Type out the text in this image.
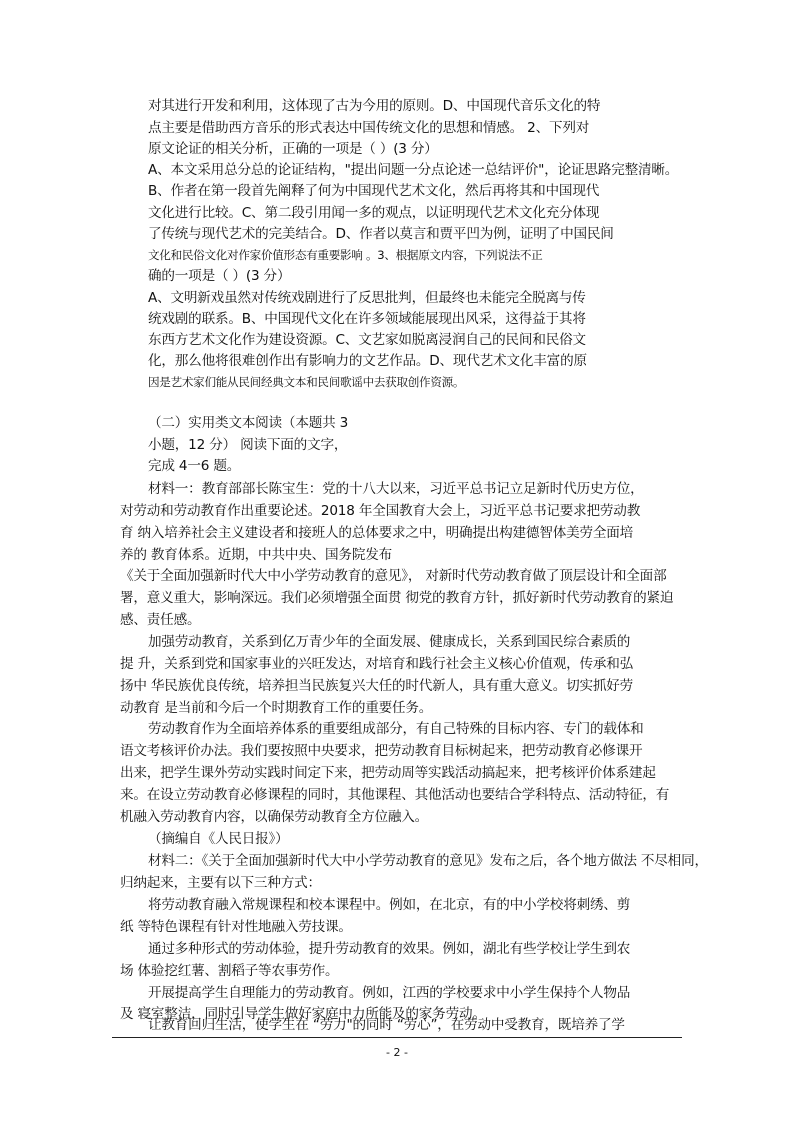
对其进行开发和利用，这体现了古为今用的原则。D、中国现代音乐文化的特
点主要是借助西方音乐的形式表达中国传统文化的思想和情感。 2、下列对
原文论证的相关分析，正确的一项是（ ）(3 分）
A、本文采用总分总的论证结构，"提出问题一分点论述一总结评价"，论证思路完整清晰。
B、作者在第一段首先阐释了何为中国现代艺术文化，然后再将其和中国现代
文化进行比较。C、第二段引用闻一多的观点，以证明现代艺术文化充分体现
了传统与现代艺术的完美结合。D、作者以莫言和贾平凹为例，证明了中国民间
文化和民俗文化对作家价值形态有重要影响 。3、根据原文内容，下列说法不正
确的一项是（ ）(3 分）
A、文明新戏虽然对传统戏剧进行了反思批判，但最终也未能完全脱离与传
统戏剧的联系。B、中国现代文化在许多领域能展现出风采，这得益于其将
东西方艺术文化作为建设资源。C、文艺家如脱离浸润自己的民间和民俗文
化，那么他将很难创作出有影响力的文艺作品。D、现代艺术文化丰富的原
因是艺术家们能从民间经典文本和民间歌谣中去获取创作资源。
（二）实用类文本阅读（本题共 3
小题，12 分） 阅读下面的文字，
完成 4一6 题。
材料一：教育部部长陈宝生：党的十八大以来，习近平总书记立足新时代历史方位，
对劳动和劳动教育作出重要论述。2018 年全国教育大会上，习近平总书记要求把劳动教
育 纳入培养社会主义建设者和接班人的总体要求之中，明确提出构建德智体美劳全面培
养的 教育体系。近期，中共中央、国务院发布
《关于全面加强新时代大中小学劳动教育的意见》， 对新时代劳动教育做了顶层设计和全面部
署，意义重大，影响深远。我们必须增强全面贯 彻党的教育方针，抓好新时代劳动教育的紧迫
感、责任感。
加强劳动教育，关系到亿万青少年的全面发展、健康成长，关系到国民综合素质的
提 升，关系到党和国家事业的兴旺发达，对培育和践行社会主义核心价值观，传承和弘
扬中 华民族优良传统，培养担当民族复兴大任的时代新人，具有重大意义。切实抓好劳
动教育 是当前和今后一个时期教育工作的重要任务。
劳动教育作为全面培养体系的重要组成部分，有自己特殊的目标内容、专门的载体和
语文考核评价办法。我们要按照中央要求，把劳动教育目标树起来，把劳动教育必修课开
出来，把学生课外劳动实践时间定下来，把劳动周等实践活动搞起来，把考核评价体系建起
来。在设立劳动教育必修课程的同时，其他课程、其他活动也要结合学科特点、活动特征，有
机融入劳动教育内容，以确保劳动教育全方位融入。
（摘编自《人民日报》）
材料二：《关于全面加强新时代大中小学劳动教育的意见》发布之后，各个地方做法 不尽相同，
归纳起来，主要有以下三种方式：
将劳动教育融入常规课程和校本课程中。例如，在北京，有的中小学校将刺绣、剪
纸 等特色课程有针对性地融入劳技课。
通过多种形式的劳动体验，提升劳动教育的效果。例如，湖北有些学校让学生到农
场 体验挖红薯、割稻子等农事劳作。
开展提高学生自理能力的劳动教育。例如，江西的学校要求中小学生保持个人物品
及 寝室整洁，同时引导学生做好家庭中力所能及的家务劳动。
让教育回归生活，使学生在 “劳力"的同时 “劳心”，在劳动中受教育，既培养了学
- 2 -
